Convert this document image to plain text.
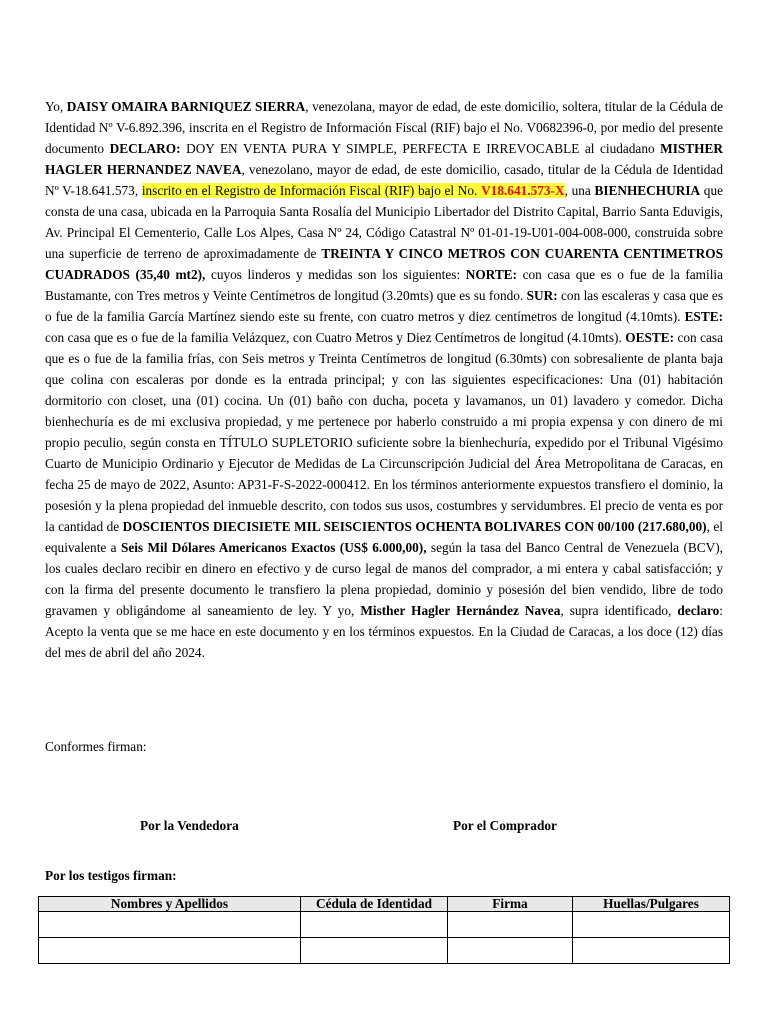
Yo, DAISY OMAIRA BARNIQUEZ SIERRA, venezolana, mayor de edad, de este domicilio, soltera, titular de la Cédula de Identidad Nº V-6.892.396, inscrita en el Registro de Información Fiscal (RIF) bajo el No. V0682396-0, por medio del presente documento DECLARO: DOY EN VENTA PURA Y SIMPLE, PERFECTA E IRREVOCABLE al ciudadano MISTHER HAGLER HERNANDEZ NAVEA, venezolano, mayor de edad, de este domicilio, casado, titular de la Cédula de Identidad Nº V-18.641.573, inscrito en el Registro de Información Fiscal (RIF) bajo el No. V18.641.573-X, una BIENHECHURIA que consta de una casa, ubicada en la Parroquia Santa Rosalía del Municipio Libertador del Distrito Capital, Barrio Santa Eduvigis, Av. Principal El Cementerio, Calle Los Alpes, Casa Nº 24, Código Catastral Nº 01-01-19-U01-004-008-000, construida sobre una superficie de terreno de aproximadamente de TREINTA Y CINCO METROS CON CUARENTA CENTIMETROS CUADRADOS (35,40 mt2), cuyos linderos y medidas son los siguientes: NORTE: con casa que es o fue de la familia Bustamante, con Tres metros y Veinte Centímetros de longitud (3.20mts) que es su fondo. SUR: con las escaleras y casa que es o fue de la familia García Martínez siendo este su frente, con cuatro metros y diez centímetros de longitud (4.10mts). ESTE: con casa que es o fue de la familia Velázquez, con Cuatro Metros y Diez Centímetros de longitud (4.10mts). OESTE: con casa que es o fue de la familia frías, con Seis metros y Treinta Centímetros de longitud (6.30mts) con sobresaliente de planta baja que colina con escaleras por donde es la entrada principal; y con las siguientes especificaciones: Una (01) habitación dormitorio con closet, una (01) cocina. Un (01) baño con ducha, poceta y lavamanos, un 01) lavadero y comedor. Dicha bienhechuría es de mi exclusiva propiedad, y me pertenece por haberlo construido a mi propia expensa y con dinero de mi propio peculio, según consta en TÍTULO SUPLETORIO suficiente sobre la bienhechuría, expedido por el Tribunal Vigésimo Cuarto de Municipio Ordinario y Ejecutor de Medidas de La Circunscripción Judicial del Área Metropolitana de Caracas, en fecha 25 de mayo de 2022, Asunto: AP31-F-S-2022-000412. En los términos anteriormente expuestos transfiero el dominio, la posesión y la plena propiedad del inmueble descrito, con todos sus usos, costumbres y servidumbres. El precio de venta es por la cantidad de DOSCIENTOS DIECISIETE MIL SEISCIENTOS OCHENTA BOLIVARES CON 00/100 (217.680,00), el equivalente a Seis Mil Dólares Americanos Exactos (US$ 6.000,00), según la tasa del Banco Central de Venezuela (BCV), los cuales declaro recibir en dinero en efectivo y de curso legal de manos del comprador, a mi entera y cabal satisfacción; y con la firma del presente documento le transfiero la plena propiedad, dominio y posesión del bien vendido, libre de todo gravamen y obligándome al saneamiento de ley. Y yo, Misther Hagler Hernández Navea, supra identificado, declaro: Acepto la venta que se me hace en este documento y en los términos expuestos. En la Ciudad de Caracas, a los doce (12) días del mes de abril del año 2024.

Conformes firman:

Por la Vendedora	Por el Comprador

Por los testigos firman:

Nombres y Apellidos	Cédula de Identidad	Firma	Huellas/Pulgares
